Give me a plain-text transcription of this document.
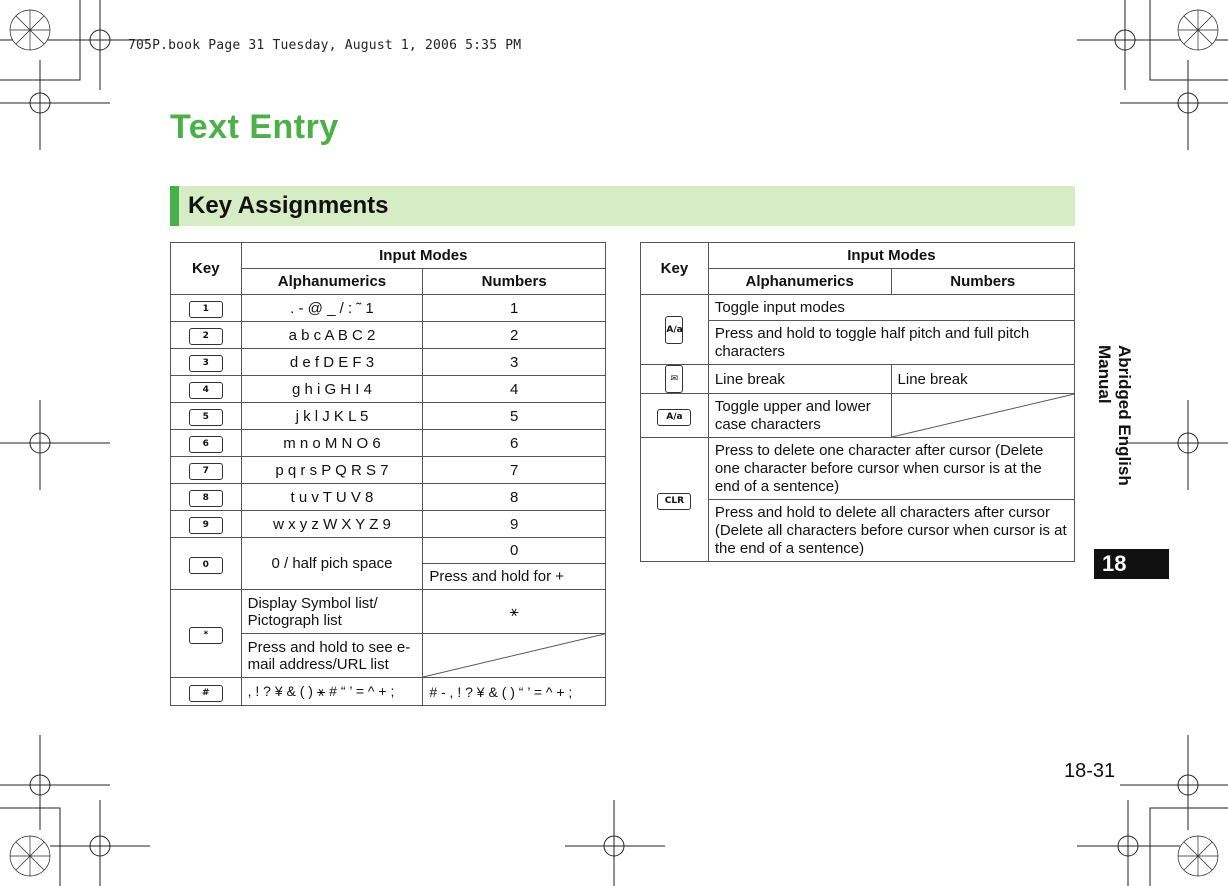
705P.book Page 31 Tuesday, August 1, 2006 5:35 PM
Text Entry
Key Assignments
Key	Input Modes	
	Alphanumerics	Numbers
1	. - @ _ / : ˜ 1	1
2	a b c A B C 2	2
3	d e f D E F 3	3
4	g h i G H I 4	4
5	j k l J K L 5	5
6	m n o M N O 6	6
7	p q r s P Q R S 7	7
8	t u v T U V 8	8
9	w x y z W X Y Z 9	9
0	0 / half pich space	0
		Press and hold for +
*	Display Symbol list/ Pictograph list	⚹
	Press and hold to see e-mail address/URL list	

#	, ! ? ¥ & ( ) ⚹ # “ ’ = ^ + ;	# - , ! ? ¥ & ( ) “ ’ = ^ + ;
Key	Input Modes	
	Alphanumerics	Numbers
A/a	Toggle input modes	
	Press and hold to toggle half pitch and full pitch characters	
✉	Line break	Line break
A/a	Toggle upper and lower case characters	

CLR	Press to delete one character after cursor (Delete one character before cursor when cursor is at the end of a sentence)	
	Press and hold to delete all characters after cursor (Delete all characters before cursor when cursor is at the end of a sentence)	
Abridged English Manual
18
18-31
